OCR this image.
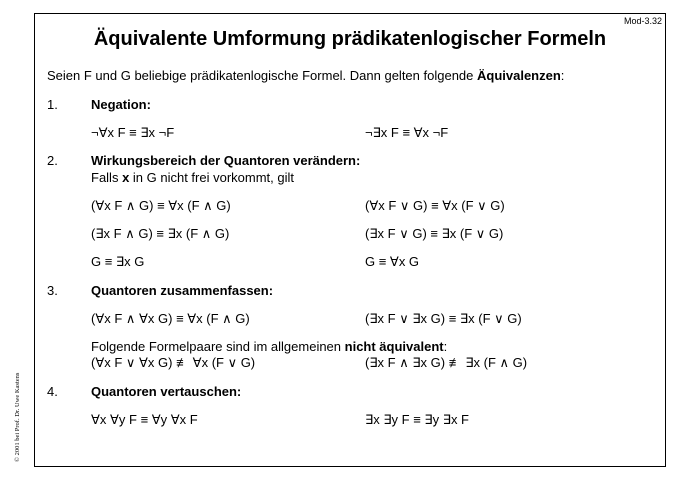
Mod-3.32
Äquivalente Umformung prädikatenlogischer Formeln
Seien F und G beliebige prädikatenlogische Formel. Dann gelten folgende Äquivalenzen:
1.	Negation:
¬∀x F ≡ ∃x ¬F	¬∃x F ≡ ∀x ¬F
2.	Wirkungsbereich der Quantoren verändern:
Falls x in G nicht frei vorkommt, gilt
(∀x F ∧ G) ≡ ∀x (F ∧ G)	(∀x F ∨ G) ≡ ∀x (F ∨ G)
(∃x F ∧ G) ≡ ∃x (F ∧ G)	(∃x F ∨ G) ≡ ∃x (F ∨ G)
G ≡ ∃x G	G ≡ ∀x G
3.	Quantoren zusammenfassen:
(∀x F ∧ ∀x G) ≡ ∀x (F ∧ G)	(∃x F ∨ ∃x G) ≡ ∃x (F ∨ G)
Folgende Formelpaare sind im allgemeinen nicht äquivalent:
(∀x F ∨ ∀x G) ≢ ∀x (F ∨ G)	(∃x F ∧ ∃x G) ≢ ∃x (F ∧ G)
4.	Quantoren vertauschen:
∀x ∀y F ≡ ∀y ∀x F	∃x ∃y F ≡ ∃y ∃x F
© 2001 bei Prof. Dr. Uwe Kastens
